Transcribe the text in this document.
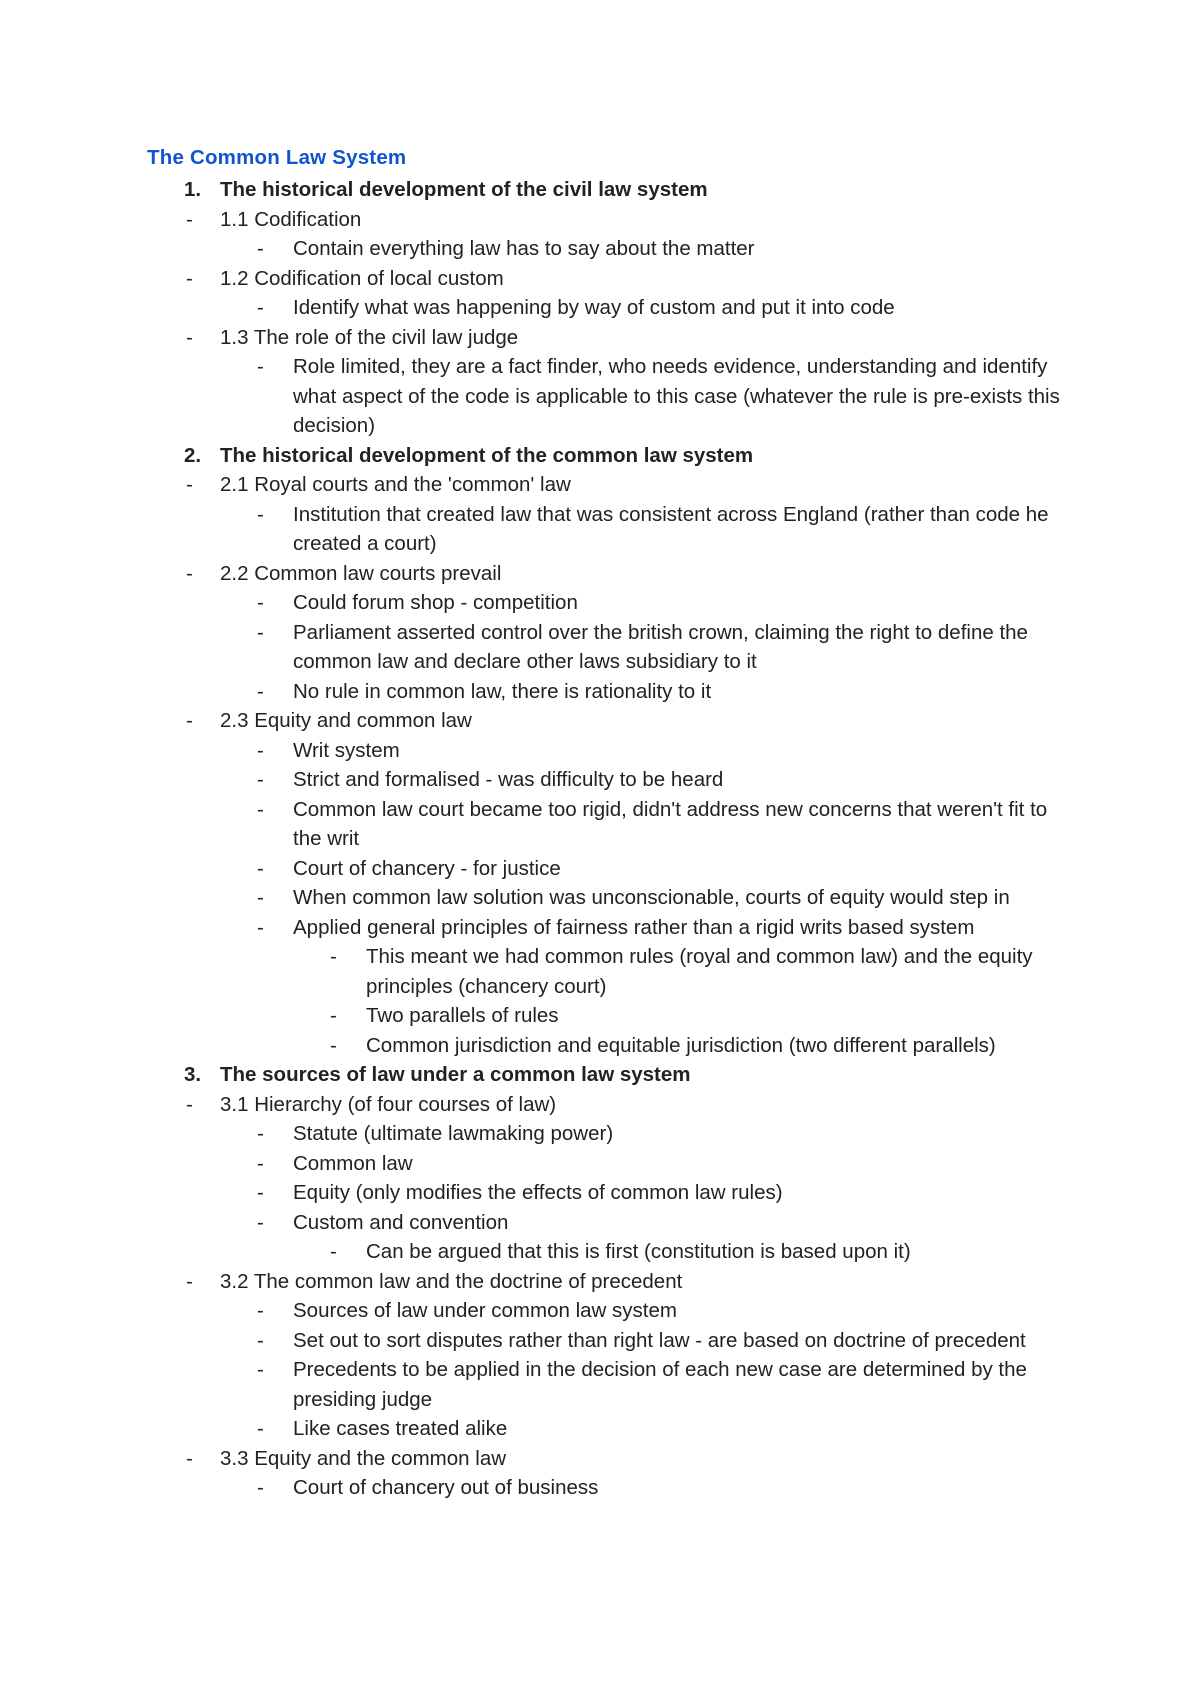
The Common Law System
1. The historical development of the civil law system
- 1.1 Codification
- Contain everything law has to say about the matter
- 1.2 Codification of local custom
- Identify what was happening by way of custom and put it into code
- 1.3 The role of the civil law judge
- Role limited, they are a fact finder, who needs evidence, understanding and identify what aspect of the code is applicable to this case (whatever the rule is pre-exists this decision)
2. The historical development of the common law system
- 2.1 Royal courts and the 'common' law
- Institution that created law that was consistent across England (rather than code he created a court)
- 2.2 Common law courts prevail
- Could forum shop - competition
- Parliament asserted control over the british crown, claiming the right to define the common law and declare other laws subsidiary to it
- No rule in common law, there is rationality to it
- 2.3 Equity and common law
- Writ system
- Strict and formalised - was difficulty to be heard
- Common law court became too rigid, didn't address new concerns that weren't fit to the writ
- Court of chancery - for justice
- When common law solution was unconscionable, courts of equity would step in
- Applied general principles of fairness rather than a rigid writs based system
- This meant we had common rules (royal and common law) and the equity principles (chancery court)
- Two parallels of rules
- Common jurisdiction and equitable jurisdiction (two different parallels)
3. The sources of law under a common law system
- 3.1 Hierarchy (of four courses of law)
- Statute (ultimate lawmaking power)
- Common law
- Equity (only modifies the effects of common law rules)
- Custom and convention
- Can be argued that this is first (constitution is based upon it)
- 3.2 The common law and the doctrine of precedent
- Sources of law under common law system
- Set out to sort disputes rather than right law - are based on doctrine of precedent
- Precedents to be applied in the decision of each new case are determined by the presiding judge
- Like cases treated alike
- 3.3 Equity and the common law
- Court of chancery out of business
